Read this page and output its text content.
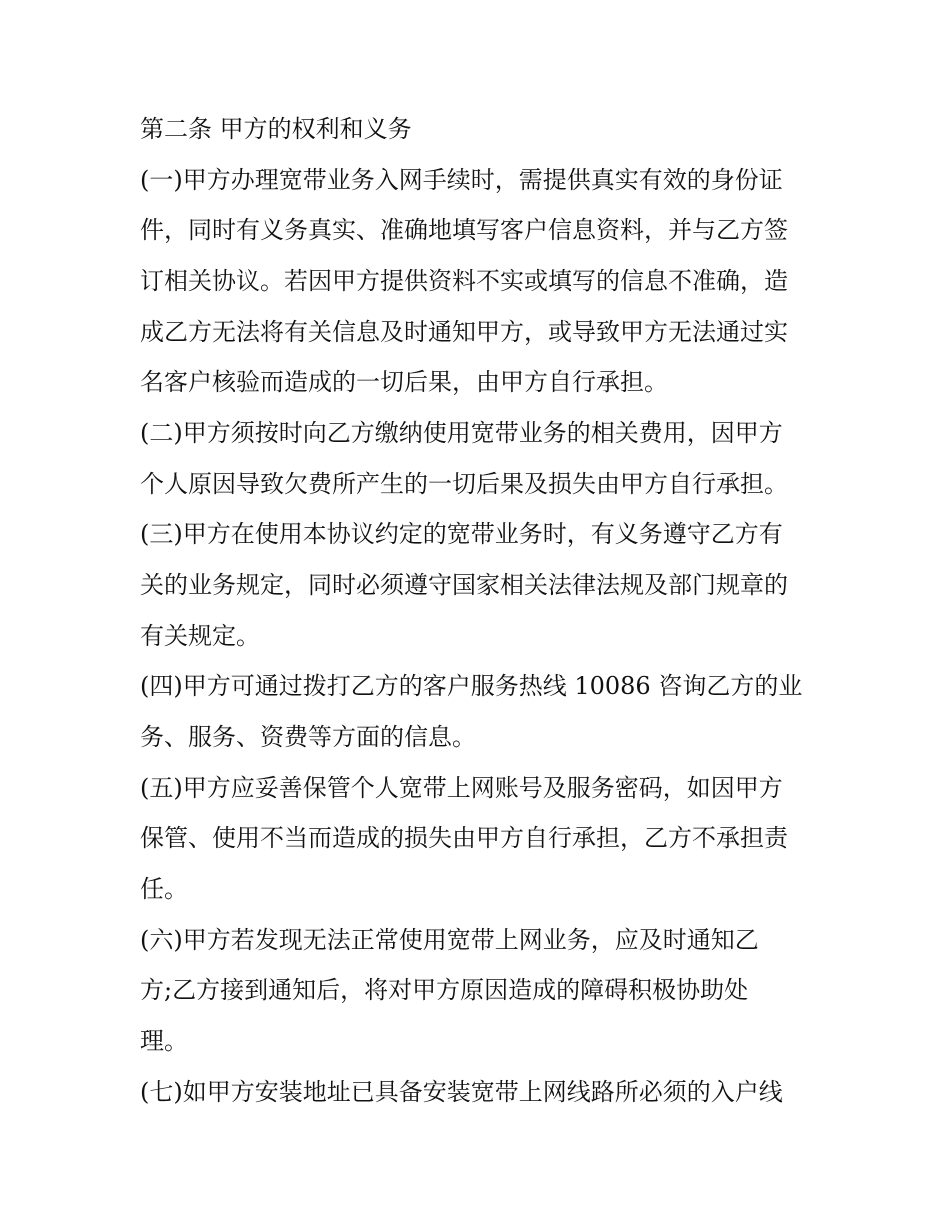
第二条 甲方的权利和义务
(一)甲方办理宽带业务入网手续时，需提供真实有效的身份证
件，同时有义务真实、准确地填写客户信息资料，并与乙方签
订相关协议。若因甲方提供资料不实或填写的信息不准确，造
成乙方无法将有关信息及时通知甲方，或导致甲方无法通过实
名客户核验而造成的一切后果，由甲方自行承担。
(二)甲方须按时向乙方缴纳使用宽带业务的相关费用，因甲方
个人原因导致欠费所产生的一切后果及损失由甲方自行承担。
(三)甲方在使用本协议约定的宽带业务时，有义务遵守乙方有
关的业务规定，同时必须遵守国家相关法律法规及部门规章的
有关规定。
(四)甲方可通过拨打乙方的客户服务热线 10086 咨询乙方的业
务、服务、资费等方面的信息。
(五)甲方应妥善保管个人宽带上网账号及服务密码，如因甲方
保管、使用不当而造成的损失由甲方自行承担，乙方不承担责
任。
(六)甲方若发现无法正常使用宽带上网业务，应及时通知乙
方;乙方接到通知后，将对甲方原因造成的障碍积极协助处
理。
(七)如甲方安装地址已具备安装宽带上网线路所必须的入户线
